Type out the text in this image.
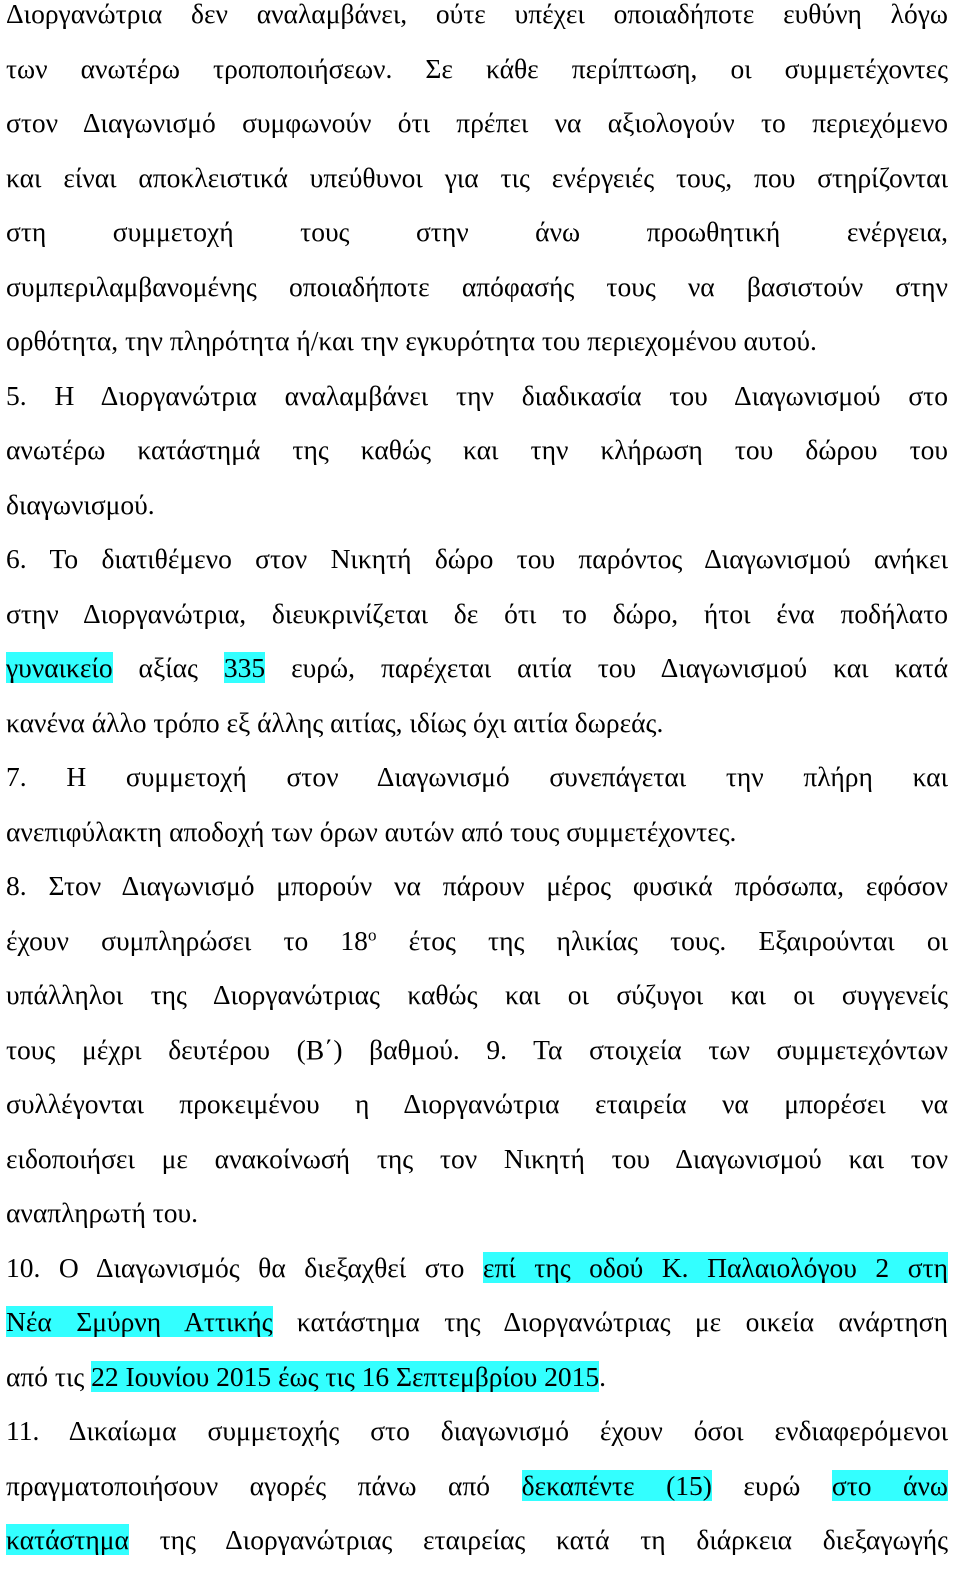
Διοργανώτρια δεν αναλαμβάνει, ούτε υπέχει οποιαδήποτε ευθύνη λόγω
των ανωτέρω τροποποιήσεων. Σε κάθε περίπτωση, οι συμμετέχοντες
στον Διαγωνισμό συμφωνούν ότι πρέπει να αξιολογούν το περιεχόμενο
και είναι αποκλειστικά υπεύθυνοι για τις ενέργειές τους, που στηρίζονται
στη συμμετοχή τους στην άνω προωθητική ενέργεια,
συμπεριλαμβανομένης οποιαδήποτε απόφασής τους να βασιστούν στην
ορθότητα, την πληρότητα ή/και την εγκυρότητα του περιεχομένου αυτού.
5. Η Διοργανώτρια αναλαμβάνει την διαδικασία του Διαγωνισμού στο
ανωτέρω κατάστημά της καθώς και την κλήρωση του δώρου του
διαγωνισμού.
6. Το διατιθέμενο στον Νικητή δώρο του παρόντος Διαγωνισμού ανήκει
στην Διοργανώτρια, διευκρινίζεται δε ότι το δώρο, ήτοι ένα ποδήλατο
γυναικείο αξίας 335 ευρώ, παρέχεται αιτία του Διαγωνισμού και κατά
κανένα άλλο τρόπο εξ άλλης αιτίας, ιδίως όχι αιτία δωρεάς.
7. Η συμμετοχή στον Διαγωνισμό συνεπάγεται την πλήρη και
ανεπιφύλακτη αποδοχή των όρων αυτών από τους συμμετέχοντες.
8. Στον Διαγωνισμό μπορούν να πάρουν μέρος φυσικά πρόσωπα, εφόσον
έχουν συμπληρώσει το $18^o$ έτος της ηλικίας τους. Εξαιρούνται οι
υπάλληλοι της Διοργανώτριας καθώς και οι σύζυγοι και οι συγγενείς
τους μέχρι δευτέρου (Β΄) βαθμού. 9. Τα στοιχεία των συμμετεχόντων
συλλέγονται προκειμένου η Διοργανώτρια εταιρεία να μπορέσει να
ειδοποιήσει με ανακοίνωσή της τον Νικητή του Διαγωνισμού και τον
αναπληρωτή του.
10. Ο Διαγωνισμός θα διεξαχθεί στο επί της οδού Κ. Παλαιολόγου 2 στη
Νέα Σμύρνη Αττικής κατάστημα της Διοργανώτριας με οικεία ανάρτηση
από τις 22 Ιουνίου 2015 έως τις 16 Σεπτεμβρίου 2015.
11. Δικαίωμα συμμετοχής στο διαγωνισμό έχουν όσοι ενδιαφερόμενοι
πραγματοποιήσουν αγορές πάνω από δεκαπέντε (15) ευρώ στο άνω
κατάστημα της Διοργανώτριας εταιρείας κατά τη διάρκεια διεξαγωγής
